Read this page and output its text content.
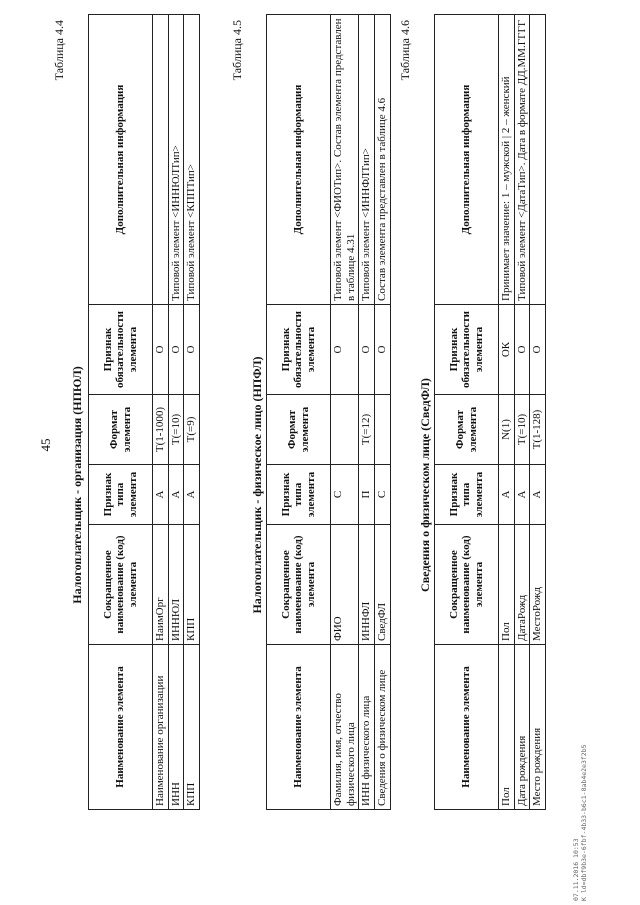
45
Таблица 4.4
Налогоплательщик - организация (НПЮЛ)
Наименование элемента	Сокращенное наименование (код) элемента	Признак типа элемента	Формат элемента	Признак обязательности элемента	Дополнительная информация
Наименование организации	НаимОрг	А	T(1-1000)	О	
ИНН	ИННЮЛ	А	T(=10)	О	Типовой элемент <ИННЮЛТип>
КПП	КПП	А	T(=9)	О	Типовой элемент <КППТип>
Таблица 4.5
Налогоплательщик - физическое лицо (НПФЛ)
Наименование элемента	Сокращенное наименование (код) элемента	Признак типа элемента	Формат элемента	Признак обязательности элемента	Дополнительная информация
Фамилия, имя, отчество физического лица	ФИО	С		О	Типовой элемент <ФИОТип>. Состав элемента представлен в таблице 4.31
ИНН физического лица	ИННФЛ	П	T(=12)	О	Типовой элемент <ИННФЛТип>
Сведения о физическом лице	СведФЛ	С		О	Состав элемента представлен в таблице 4.6
Таблица 4.6
Сведения о физическом лице (СведФЛ)
Наименование элемента	Сокращенное наименование (код) элемента	Признак типа элемента	Формат элемента	Признак обязательности элемента	Дополнительная информация
Пол	Пол	А	N(1)	ОК	Принимает значение: 1 – мужской | 2 – женский
Дата рождения	ДатаРожд	А	T(=10)	О	Типовой элемент <ДатаТип>. Дата в формате ДД.ММ.ГГГГ
Место рождения	МестоРожд	А	T(1-128)	О	
07.11.2016 10:53 К ld=dbf9b3e-6fbf-4b33-b6c1-8ab4e2e3f2b5
